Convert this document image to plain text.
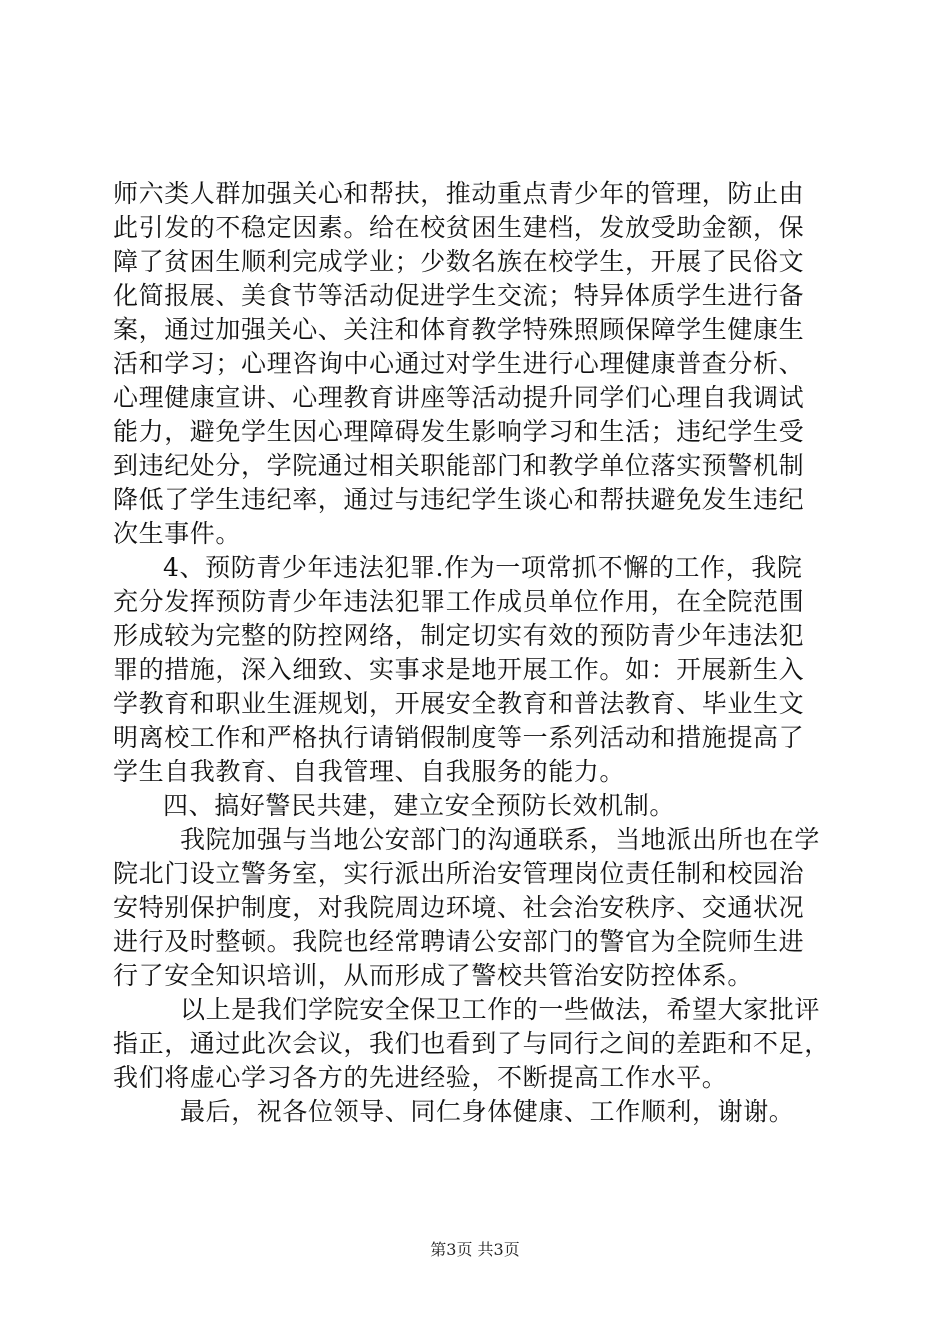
师六类人群加强关心和帮扶，推动重点青少年的管理，防止由
此引发的不稳定因素。给在校贫困生建档，发放受助金额，保
障了贫困生顺利完成学业；少数名族在校学生，开展了民俗文
化简报展、美食节等活动促进学生交流；特异体质学生进行备
案，通过加强关心、关注和体育教学特殊照顾保障学生健康生
活和学习；心理咨询中心通过对学生进行心理健康普查分析、
心理健康宣讲、心理教育讲座等活动提升同学们心理自我调试
能力，避免学生因心理障碍发生影响学习和生活；违纪学生受
到违纪处分，学院通过相关职能部门和教学单位落实预警机制
降低了学生违纪率，通过与违纪学生谈心和帮扶避免发生违纪
次生事件。
4、预防青少年违法犯罪.作为一项常抓不懈的工作，我院
充分发挥预防青少年违法犯罪工作成员单位作用，在全院范围
形成较为完整的防控网络，制定切实有效的预防青少年违法犯
罪的措施，深入细致、实事求是地开展工作。如：开展新生入
学教育和职业生涯规划，开展安全教育和普法教育、毕业生文
明离校工作和严格执行请销假制度等一系列活动和措施提高了
学生自我教育、自我管理、自我服务的能力。
四、搞好警民共建，建立安全预防长效机制。
我院加强与当地公安部门的沟通联系，当地派出所也在学
院北门设立警务室，实行派出所治安管理岗位责任制和校园治
安特别保护制度，对我院周边环境、社会治安秩序、交通状况
进行及时整顿。我院也经常聘请公安部门的警官为全院师生进
行了安全知识培训，从而形成了警校共管治安防控体系。
以上是我们学院安全保卫工作的一些做法，希望大家批评
指正，通过此次会议，我们也看到了与同行之间的差距和不足，
我们将虚心学习各方的先进经验，不断提高工作水平。
最后，祝各位领导、同仁身体健康、工作顺利，谢谢。
第3页 共3页
